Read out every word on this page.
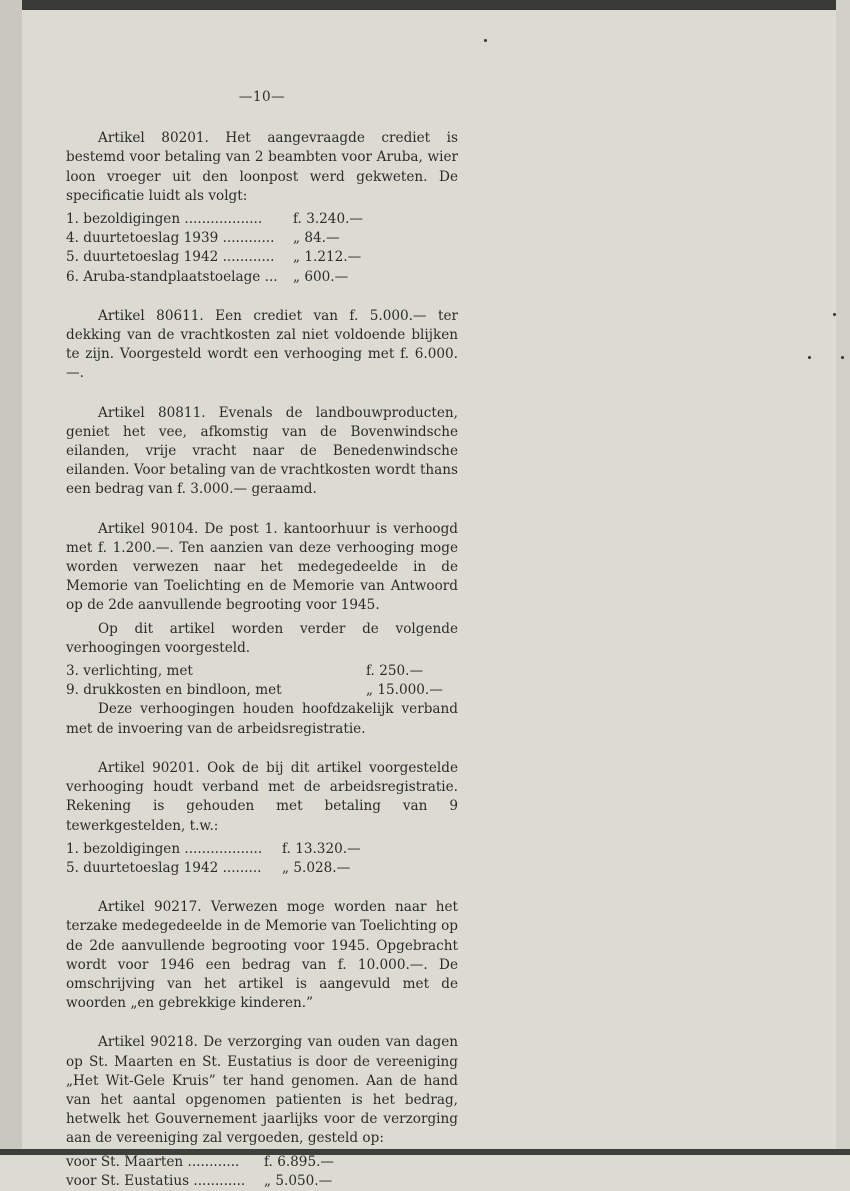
—10—

Artikel 80201. Het aangevraagde crediet is bestemd voor betaling van 2 beambten voor Aruba, wier loon vroeger uit den loonpost werd gekweten. De specificatie luidt als volgt:

1. bezoldigingen ..................	f. 3.240.—
4. duurtetoeslag 1939 ............	„ 84.—
5. duurtetoeslag 1942 ............	„ 1.212.—
6. Aruba-standplaatstoelage ...	„ 600.—

Artikel 80611. Een crediet van f. 5.000.— ter dekking van de vrachtkosten zal niet voldoende blijken te zijn. Voorgesteld wordt een verhooging met f. 6.000.—.

Artikel 80811. Evenals de landbouwproducten, geniet het vee, afkomstig van de Bovenwindsche eilanden, vrije vracht naar de Benedenwindsche eilanden. Voor betaling van de vrachtkosten wordt thans een bedrag van f. 3.000.— geraamd.

Artikel 90104. De post 1. kantoorhuur is verhoogd met f. 1.200.—. Ten aanzien van deze verhooging moge worden verwezen naar het medegedeelde in de Memorie van Toelichting en de Memorie van Antwoord op de 2de aanvullende begrooting voor 1945.

Op dit artikel worden verder de volgende verhoogingen voorgesteld.

3. verlichting, met	f. 250.—
9. drukkosten en bindloon, met	„ 15.000.—

Deze verhoogingen houden hoofdzakelijk verband met de invoering van de arbeidsregistratie.

Artikel 90201. Ook de bij dit artikel voorgestelde verhooging houdt verband met de arbeidsregistratie. Rekening is gehouden met betaling van 9 tewerkgestelden, t.w.:

1. bezoldigingen ..................	f. 13.320.—
5. duurtetoeslag 1942 .........	„ 5.028.—

Artikel 90217. Verwezen moge worden naar het terzake medegedeelde in de Memorie van Toelichting op de 2de aanvullende begrooting voor 1945. Opgebracht wordt voor 1946 een bedrag van f. 10.000.—. De omschrijving van het artikel is aangevuld met de woorden „en gebrekkige kinderen.”

Artikel 90218. De verzorging van ouden van dagen op St. Maarten en St. Eustatius is door de vereeniging „Het Wit-Gele Kruis” ter hand genomen. Aan de hand van het aantal opgenomen patienten is het bedrag, hetwelk het Gouvernement jaarlijks voor de verzorging aan de vereeniging zal vergoeden, gesteld op:

voor St. Maarten ............	f. 6.895.—
voor St. Eustatius ............	„ 5.050.—
